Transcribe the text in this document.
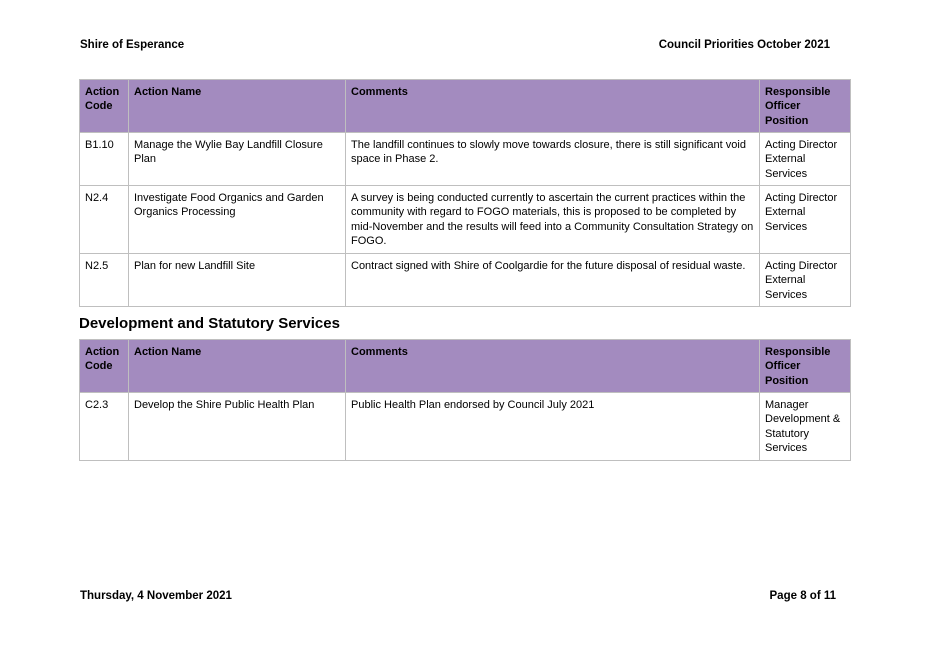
Shire of Esperance	Council Priorities October 2021
Action Code	Action Name	Comments	Responsible Officer Position
B1.10	Manage the Wylie Bay Landfill Closure Plan	The landfill continues to slowly move towards closure, there is still significant void space in Phase 2.	Acting Director External Services
N2.4	Investigate Food Organics and Garden Organics Processing	A survey is being conducted currently to ascertain the current practices within the community with regard to FOGO materials, this is proposed to be completed by mid-November and the results will feed into a Community Consultation Strategy on FOGO.	Acting Director External Services
N2.5	Plan for new Landfill Site	Contract signed with Shire of Coolgardie for the future disposal of residual waste.	Acting Director External Services
Development and Statutory Services
Action Code	Action Name	Comments	Responsible Officer Position
C2.3	Develop the Shire Public Health Plan	Public Health Plan endorsed by Council July 2021	Manager Development & Statutory Services
Thursday, 4 November 2021	Page 8 of 11
